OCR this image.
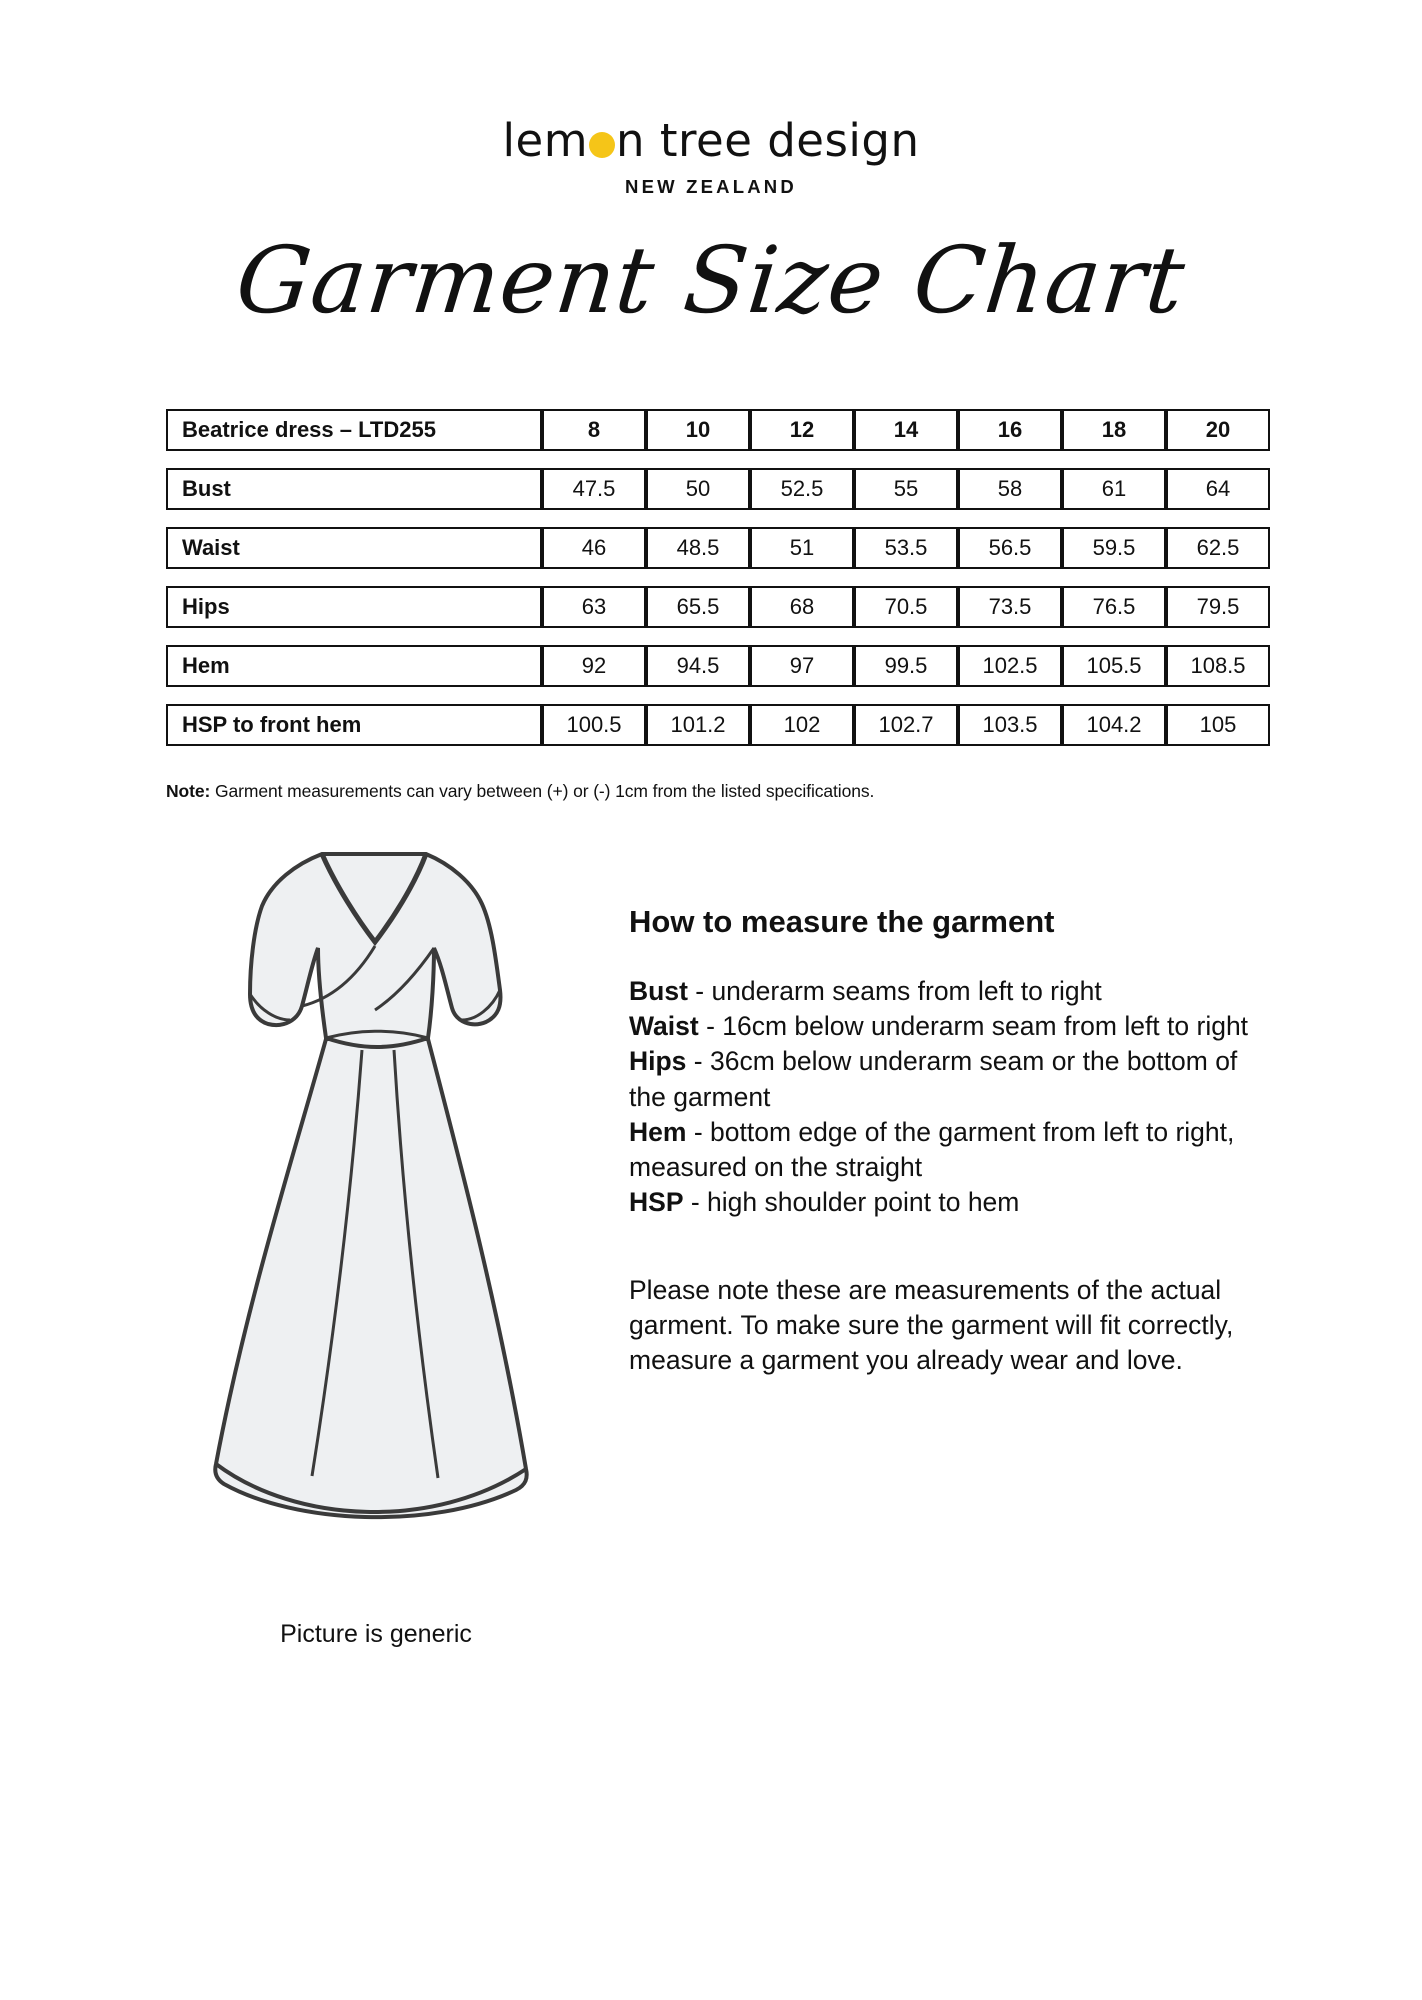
lem n tree design
NEW ZEALAND
Garment Size Chart
Beatrice dress – LTD255	8	10	12	14	16	18	20
Bust	47.5	50	52.5	55	58	61	64
Waist	46	48.5	51	53.5	56.5	59.5	62.5
Hips	63	65.5	68	70.5	73.5	76.5	79.5
Hem	92	94.5	97	99.5	102.5	105.5	108.5
HSP to front hem	100.5	101.2	102	102.7	103.5	104.2	105
Note: Garment measurements can vary between (+) or (-) 1cm from the listed specifications.
Picture is generic
How to measure the garment
Bust - underarm seams from left to right
Waist - 16cm below underarm seam from left to right
Hips - 36cm below underarm seam or the bottom of the garment
Hem - bottom edge of the garment from left to right, measured on the straight
HSP - high shoulder point to hem
Please note these are measurements of the actual garment. To make sure the garment will fit correctly, measure a garment you already wear and love.
